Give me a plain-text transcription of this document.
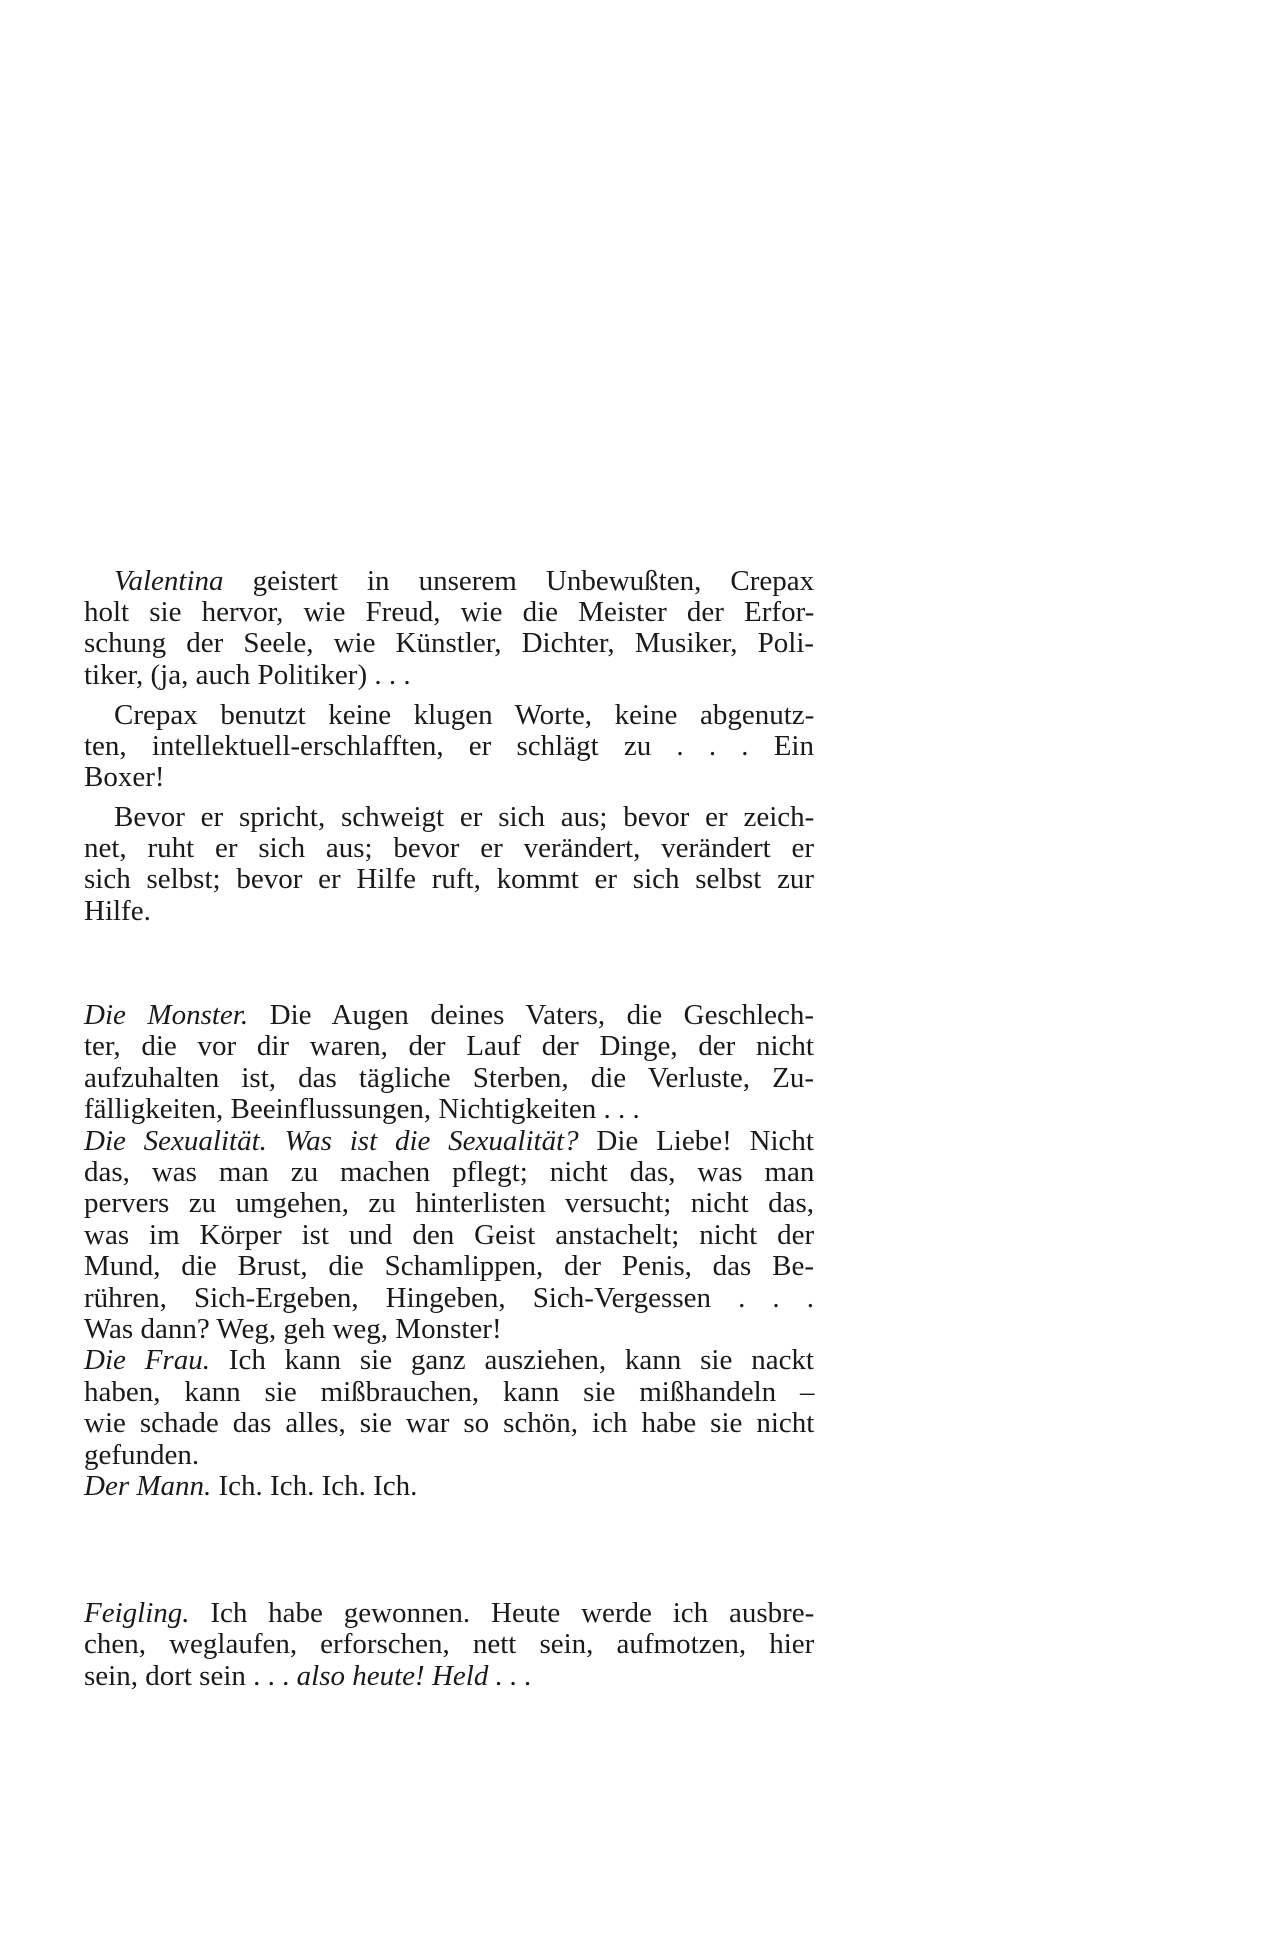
Valentina geistert in unserem Unbewußten, Crepax
holt sie hervor, wie Freud, wie die Meister der Erfor-
schung der Seele, wie Künstler, Dichter, Musiker, Poli-
tiker, (ja, auch Politiker) . . .
Crepax benutzt keine klugen Worte, keine abgenutz-
ten, intellektuell-erschlafften, er schlägt zu . . . Ein
Boxer!
Bevor er spricht, schweigt er sich aus; bevor er zeich-
net, ruht er sich aus; bevor er verändert, verändert er
sich selbst; bevor er Hilfe ruft, kommt er sich selbst zur
Hilfe.
Die Monster. Die Augen deines Vaters, die Geschlech-
ter, die vor dir waren, der Lauf der Dinge, der nicht
aufzuhalten ist, das tägliche Sterben, die Verluste, Zu-
fälligkeiten, Beeinflussungen, Nichtigkeiten . . .
Die Sexualität. Was ist die Sexualität? Die Liebe! Nicht
das, was man zu machen pflegt; nicht das, was man
pervers zu umgehen, zu hinterlisten versucht; nicht das,
was im Körper ist und den Geist anstachelt; nicht der
Mund, die Brust, die Schamlippen, der Penis, das Be-
rühren, Sich-Ergeben, Hingeben, Sich-Vergessen . . .
Was dann? Weg, geh weg, Monster!
Die Frau. Ich kann sie ganz ausziehen, kann sie nackt
haben, kann sie mißbrauchen, kann sie mißhandeln –
wie schade das alles, sie war so schön, ich habe sie nicht
gefunden.
Der Mann. Ich. Ich. Ich. Ich.
Feigling. Ich habe gewonnen. Heute werde ich ausbre-
chen, weglaufen, erforschen, nett sein, aufmotzen, hier
sein, dort sein . . . also heute! Held . . .
